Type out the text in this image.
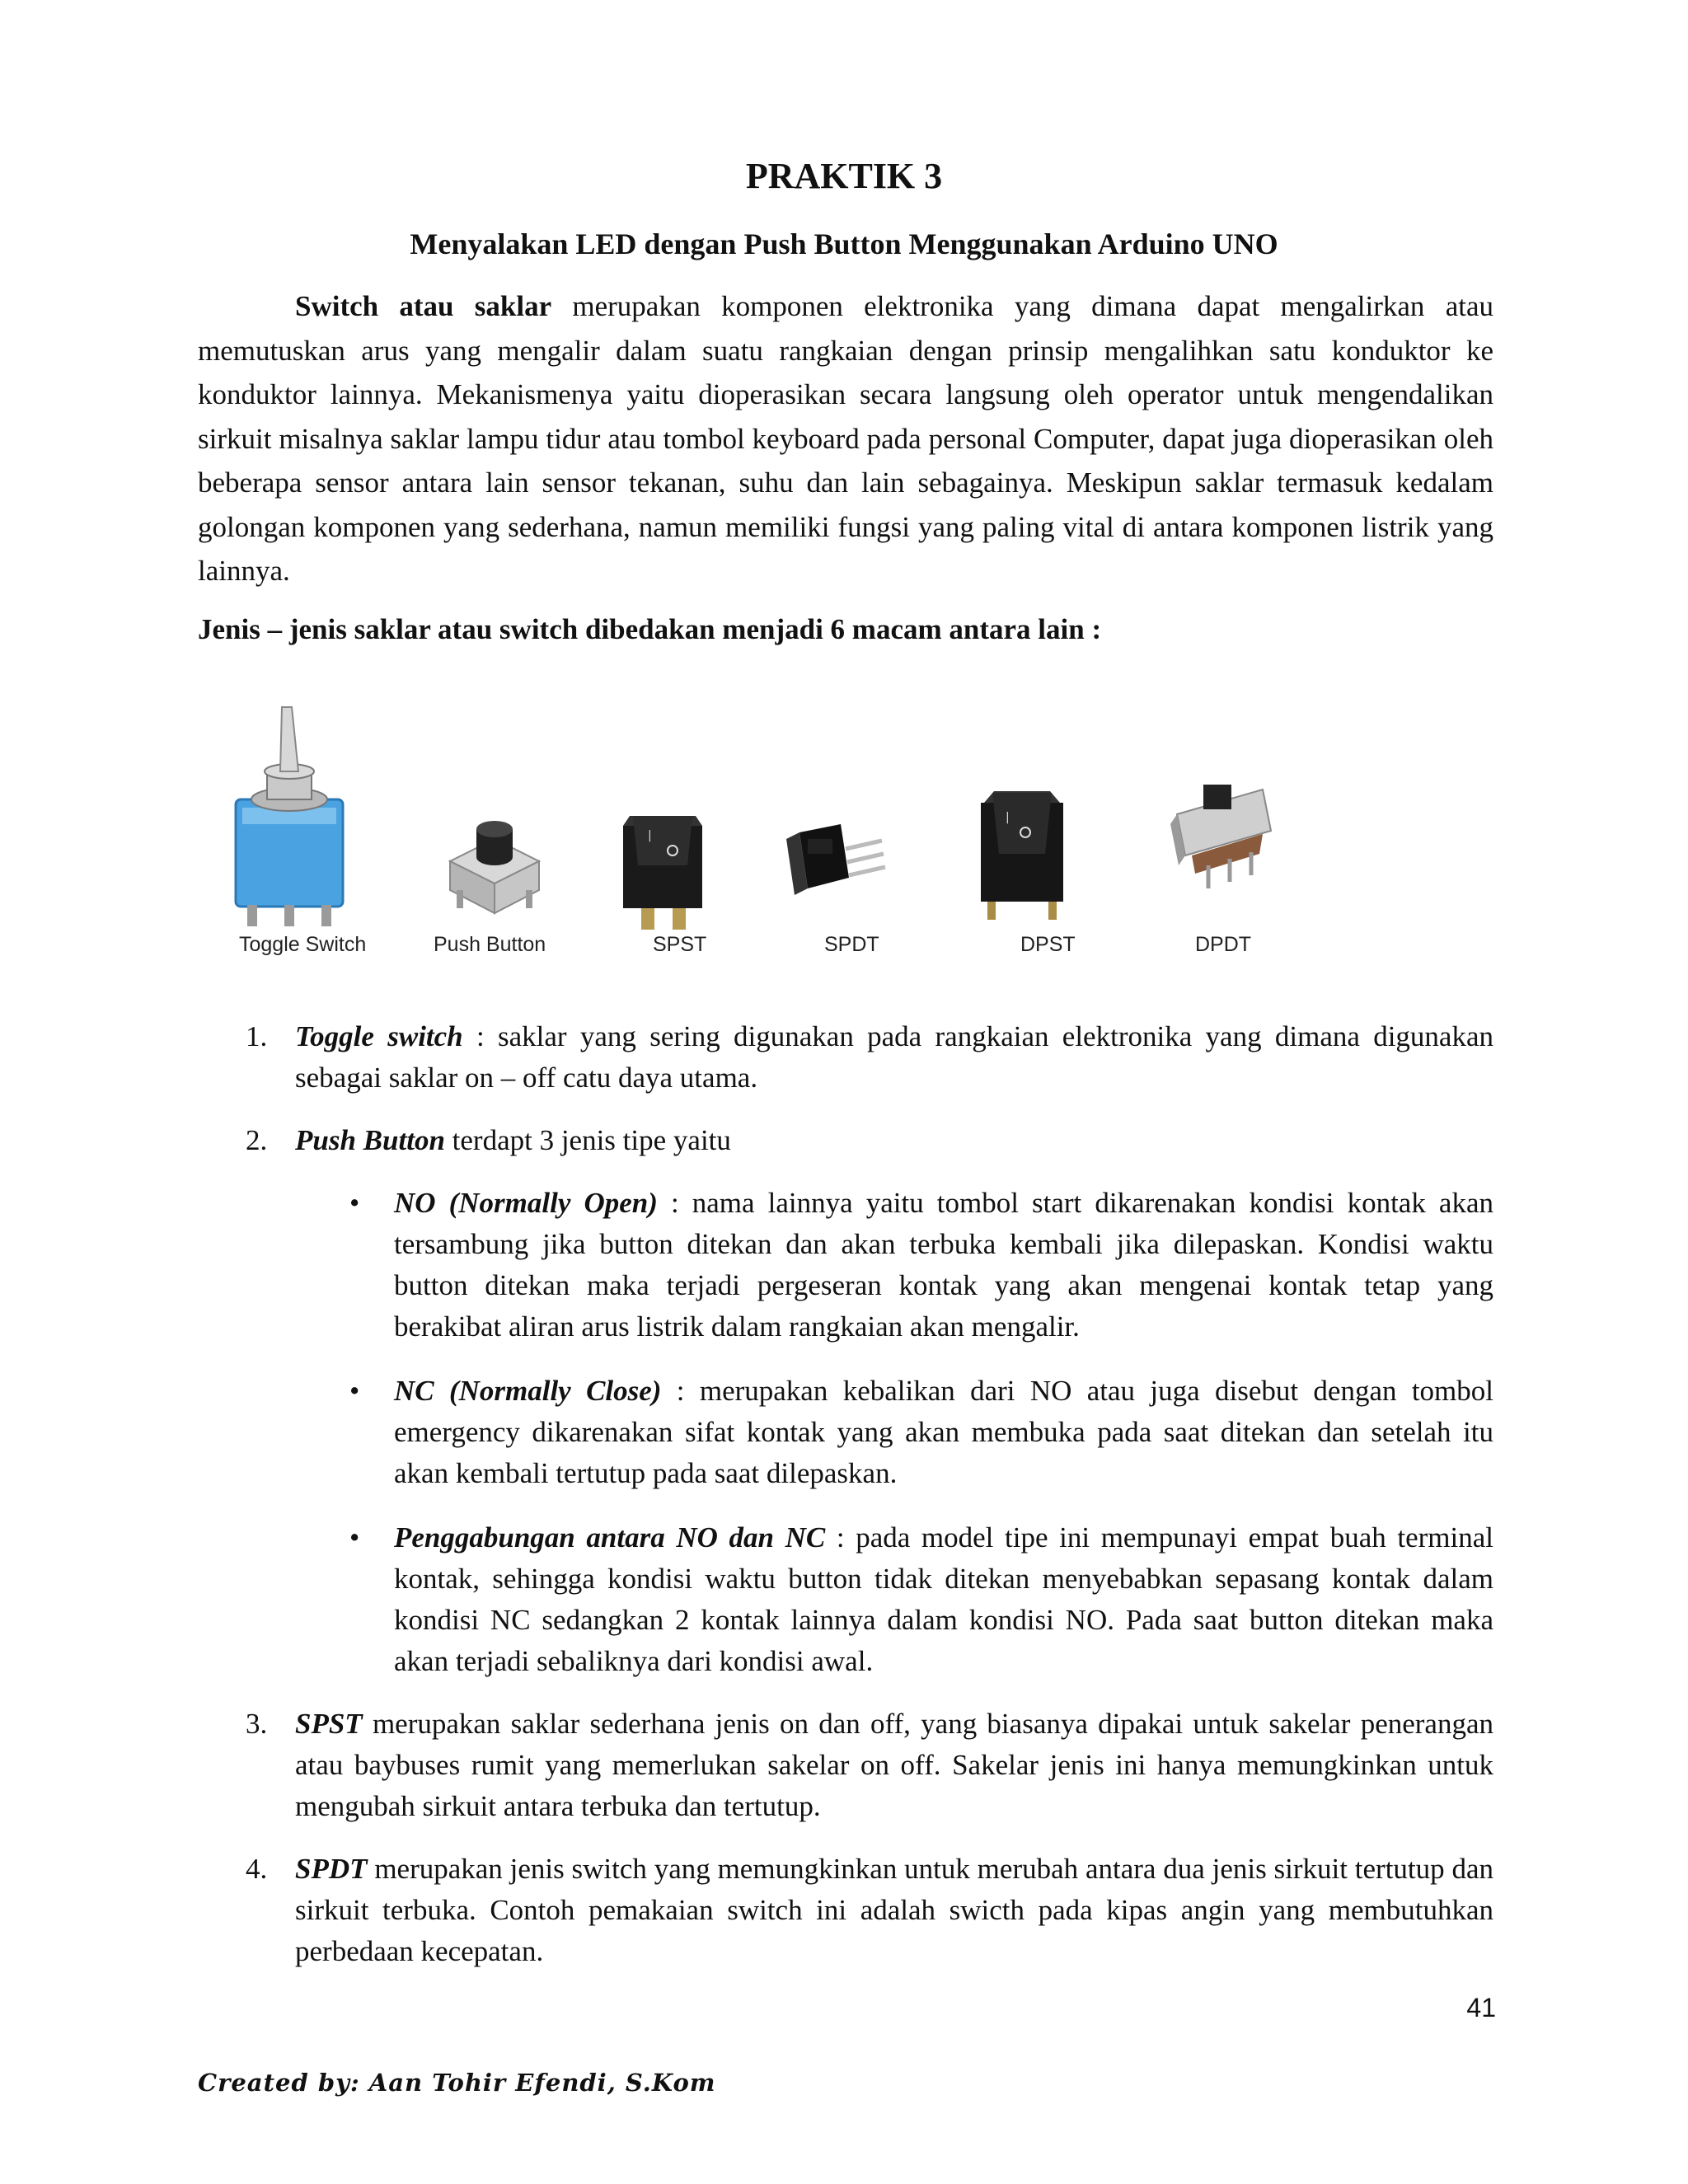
PRAKTIK 3
Menyalakan LED dengan Push Button Menggunakan Arduino UNO
Switch atau saklar merupakan komponen elektronika yang dimana dapat mengalirkan atau memutuskan arus yang mengalir dalam suatu rangkaian dengan prinsip mengalihkan satu konduktor ke konduktor lainnya. Mekanismenya yaitu dioperasikan secara langsung oleh operator untuk mengendalikan sirkuit misalnya saklar lampu tidur atau tombol keyboard pada personal Computer, dapat juga dioperasikan oleh beberapa sensor antara lain sensor tekanan, suhu dan lain sebagainya. Meskipun saklar termasuk kedalam golongan komponen yang sederhana, namun memiliki fungsi yang paling vital di antara komponen listrik yang lainnya.
Jenis – jenis saklar atau switch dibedakan menjadi 6 macam antara lain :
|
|
Toggle Switch	Push Button	SPST	SPDT	DPST	DPDT
1. Toggle switch : saklar yang sering digunakan pada rangkaian elektronika yang dimana digunakan sebagai saklar on – off catu daya utama.
2. Push Button terdapt 3 jenis tipe yaitu
• NO (Normally Open) : nama lainnya yaitu tombol start dikarenakan kondisi kontak akan tersambung jika button ditekan dan akan terbuka kembali jika dilepaskan. Kondisi waktu button ditekan maka terjadi pergeseran kontak yang akan mengenai kontak tetap yang berakibat aliran arus listrik dalam rangkaian akan mengalir.
• NC (Normally Close) : merupakan kebalikan dari NO atau juga disebut dengan tombol emergency dikarenakan sifat kontak yang akan membuka pada saat ditekan dan setelah itu akan kembali tertutup pada saat dilepaskan.
• Penggabungan antara NO dan NC : pada model tipe ini mempunayi empat buah terminal kontak, sehingga kondisi waktu button tidak ditekan menyebabkan sepasang kontak dalam kondisi NC sedangkan 2 kontak lainnya dalam kondisi NO. Pada saat button ditekan maka akan terjadi sebaliknya dari kondisi awal.
3. SPST merupakan saklar sederhana jenis on dan off, yang biasanya dipakai untuk sakelar penerangan atau baybuses rumit yang memerlukan sakelar on off. Sakelar jenis ini hanya memungkinkan untuk mengubah sirkuit antara terbuka dan tertutup.
4. SPDT merupakan jenis switch yang memungkinkan untuk merubah antara dua jenis sirkuit tertutup dan sirkuit terbuka. Contoh pemakaian switch ini adalah swicth pada kipas angin yang membutuhkan perbedaan kecepatan.
41
Created by: Aan Tohir Efendi, S.Kom
